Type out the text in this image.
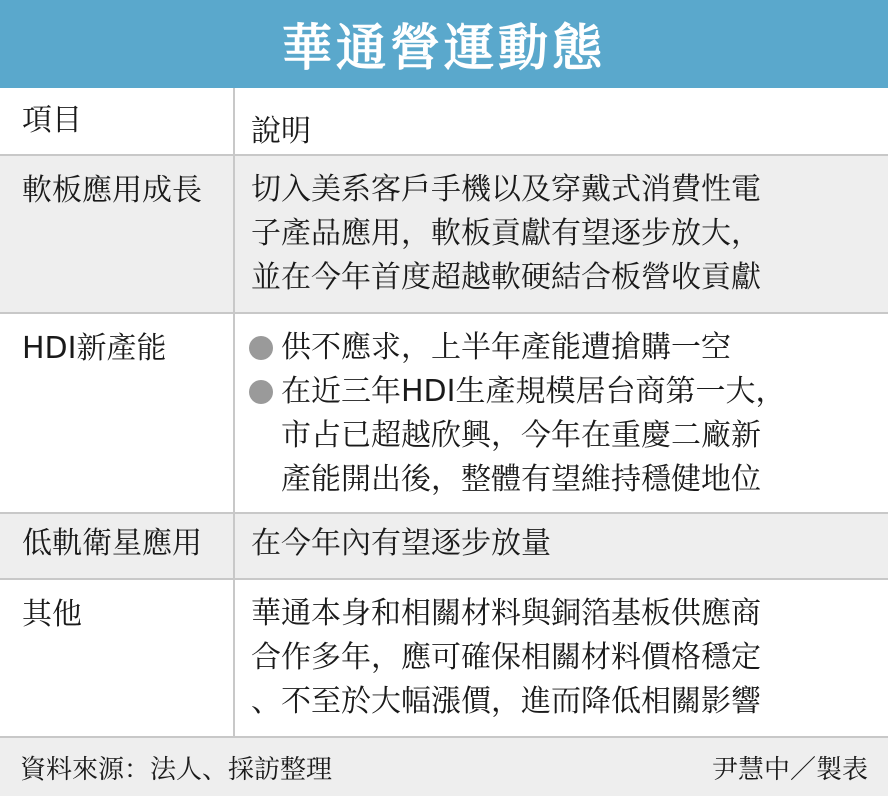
華通營運動態
項目	說明
軟板應用成長	切入美系客戶手機以及穿戴式消費性電
子產品應用，軟板貢獻有望逐步放大，
並在今年首度超越軟硬結合板營收貢獻
HDI新產能	供不應求，上半年產能遭搶購一空
在近三年HDI生產規模居台商第一大，
市占已超越欣興，今年在重慶二廠新
產能開出後，整體有望維持穩健地位
低軌衛星應用	在今年內有望逐步放量
其他	華通本身和相關材料與銅箔基板供應商
合作多年，應可確保相關材料價格穩定
、不至於大幅漲價，進而降低相關影響
資料來源：法人、採訪整理	尹慧中／製表
